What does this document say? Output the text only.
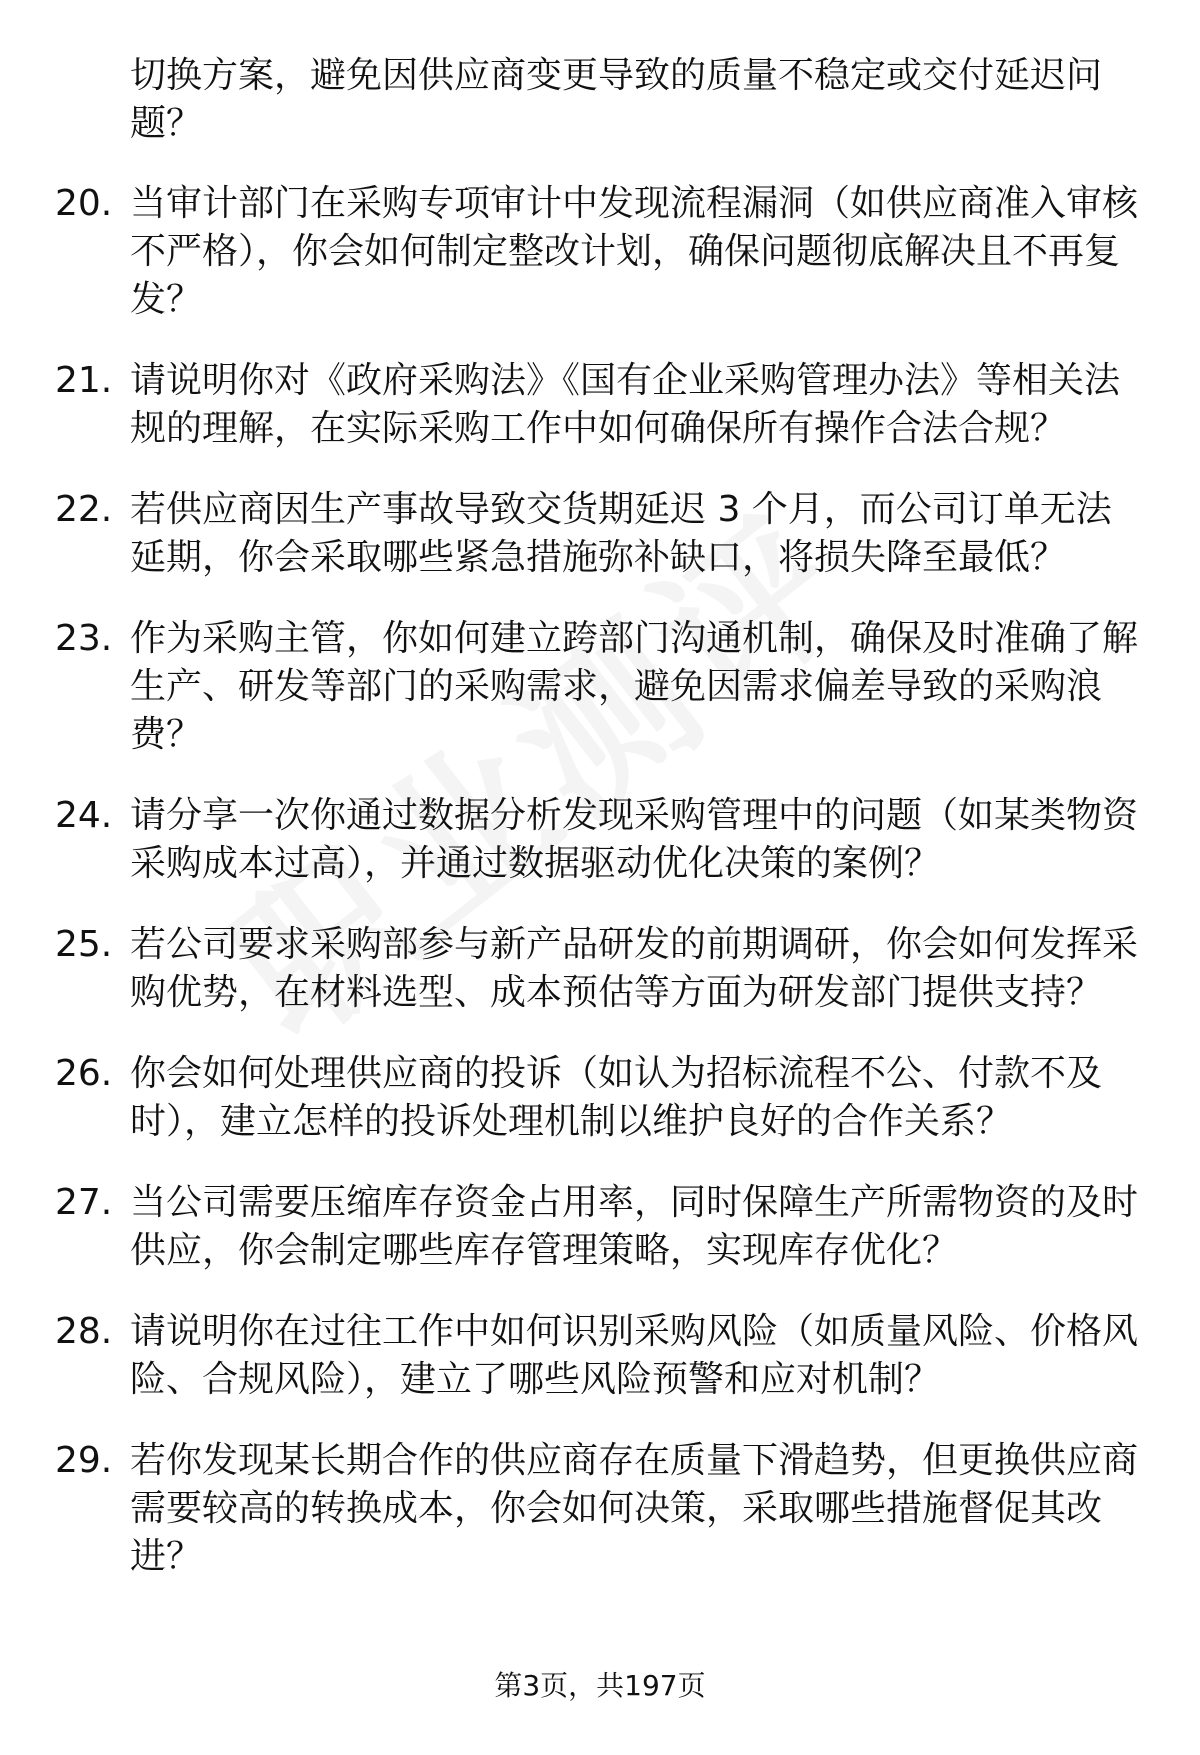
切换方案，避免因供应商变更导致的质量不稳定或交付延迟问题？
20. 当审计部门在采购专项审计中发现流程漏洞（如供应商准入审核不严格），你会如何制定整改计划，确保问题彻底解决且不再复发？
21. 请说明你对《政府采购法》《国有企业采购管理办法》等相关法规的理解，在实际采购工作中如何确保所有操作合法合规？
22. 若供应商因生产事故导致交货期延迟 3 个月，而公司订单无法延期，你会采取哪些紧急措施弥补缺口，将损失降至最低？
23. 作为采购主管，你如何建立跨部门沟通机制，确保及时准确了解生产、研发等部门的采购需求，避免因需求偏差导致的采购浪费？
24. 请分享一次你通过数据分析发现采购管理中的问题（如某类物资采购成本过高），并通过数据驱动优化决策的案例？
25. 若公司要求采购部参与新产品研发的前期调研，你会如何发挥采购优势，在材料选型、成本预估等方面为研发部门提供支持？
26. 你会如何处理供应商的投诉（如认为招标流程不公、付款不及时），建立怎样的投诉处理机制以维护良好的合作关系？
27. 当公司需要压缩库存资金占用率，同时保障生产所需物资的及时供应，你会制定哪些库存管理策略，实现库存优化？
28. 请说明你在过往工作中如何识别采购风险（如质量风险、价格风险、合规风险），建立了哪些风险预警和应对机制？
29. 若你发现某长期合作的供应商存在质量下滑趋势，但更换供应商需要较高的转换成本，你会如何决策，采取哪些措施督促其改进？
第3页，共197页
